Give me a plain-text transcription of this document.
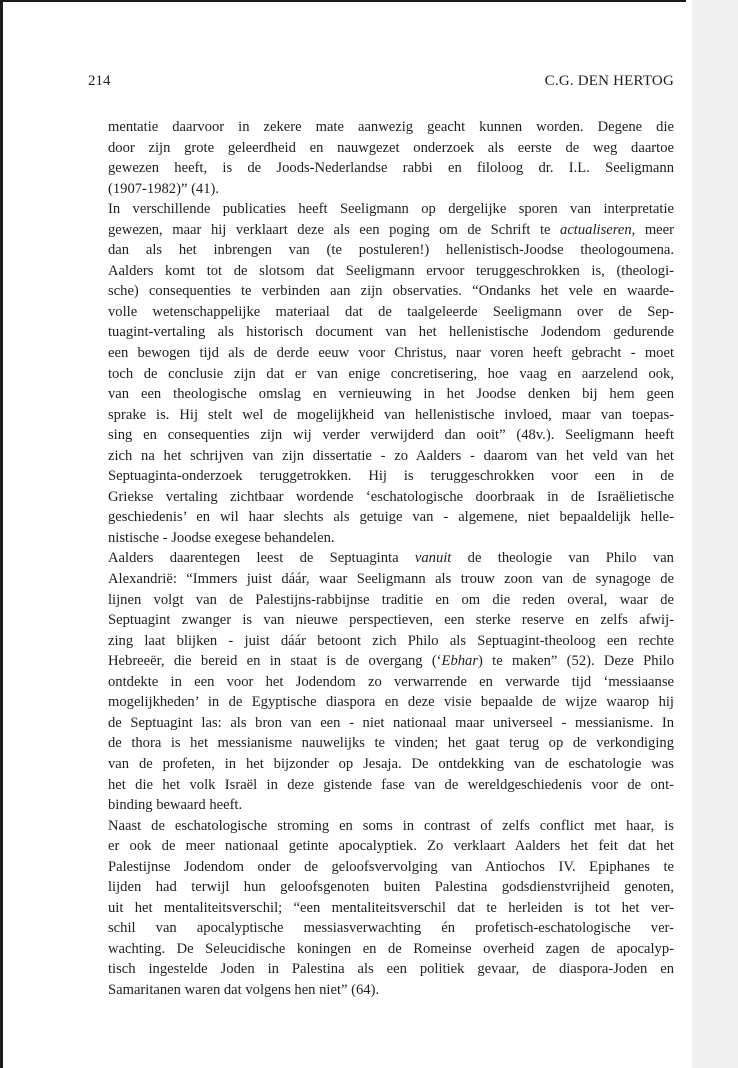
214	C.G. DEN HERTOG
mentatie daarvoor in zekere mate aanwezig geacht kunnen worden. Degene die
door zijn grote geleerdheid en nauwgezet onderzoek als eerste de weg daartoe
gewezen heeft, is de Joods-Nederlandse rabbi en filoloog dr. I.L. Seeligmann
(1907-1982)” (41).
In verschillende publicaties heeft Seeligmann op dergelijke sporen van interpretatie
gewezen, maar hij verklaart deze als een poging om de Schrift te actualiseren, meer
dan als het inbrengen van (te postuleren!) hellenistisch-Joodse theologoumena.
Aalders komt tot de slotsom dat Seeligmann ervoor teruggeschrokken is, (theologi-
sche) consequenties te verbinden aan zijn observaties. “Ondanks het vele en waarde-
volle wetenschappelijke materiaal dat de taalgeleerde Seeligmann over de Sep-
tuagint-vertaling als historisch document van het hellenistische Jodendom gedurende
een bewogen tijd als de derde eeuw voor Christus, naar voren heeft gebracht - moet
toch de conclusie zijn dat er van enige concretisering, hoe vaag en aarzelend ook,
van een theologische omslag en vernieuwing in het Joodse denken bij hem geen
sprake is. Hij stelt wel de mogelijkheid van hellenistische invloed, maar van toepas-
sing en consequenties zijn wij verder verwijderd dan ooit” (48v.). Seeligmann heeft
zich na het schrijven van zijn dissertatie - zo Aalders - daarom van het veld van het
Septuaginta-onderzoek teruggetrokken. Hij is teruggeschrokken voor een in de
Griekse vertaling zichtbaar wordende ‘eschatologische doorbraak in de Israëlietische
geschiedenis’ en wil haar slechts als getuige van - algemene, niet bepaaldelijk helle-
nistische - Joodse exegese behandelen.
Aalders daarentegen leest de Septuaginta vanuit de theologie van Philo van
Alexandrië: “Immers juist dáár, waar Seeligmann als trouw zoon van de synagoge de
lijnen volgt van de Palestijns-rabbijnse traditie en om die reden overal, waar de
Septuagint zwanger is van nieuwe perspectieven, een sterke reserve en zelfs afwij-
zing laat blijken - juist dáár betoont zich Philo als Septuagint-theoloog een rechte
Hebreeër, die bereid en in staat is de overgang (‘Ebhar) te maken” (52). Deze Philo
ontdekte in een voor het Jodendom zo verwarrende en verwarde tijd ‘messiaanse
mogelijkheden’ in de Egyptische diaspora en deze visie bepaalde de wijze waarop hij
de Septuagint las: als bron van een - niet nationaal maar universeel - messianisme. In
de thora is het messianisme nauwelijks te vinden; het gaat terug op de verkondiging
van de profeten, in het bijzonder op Jesaja. De ontdekking van de eschatologie was
het die het volk Israël in deze gistende fase van de wereldgeschiedenis voor de ont-
binding bewaard heeft.
Naast de eschatologische stroming en soms in contrast of zelfs conflict met haar, is
er ook de meer nationaal getinte apocalyptiek. Zo verklaart Aalders het feit dat het
Palestijnse Jodendom onder de geloofsvervolging van Antiochos IV. Epiphanes te
lijden had terwijl hun geloofsgenoten buiten Palestina godsdienstvrijheid genoten,
uit het mentaliteitsverschil; “een mentaliteitsverschil dat te herleiden is tot het ver-
schil van apocalyptische messiasverwachting én profetisch-eschatologische ver-
wachting. De Seleucidische koningen en de Romeinse overheid zagen de apocalyp-
tisch ingestelde Joden in Palestina als een politiek gevaar, de diaspora-Joden en
Samaritanen waren dat volgens hen niet” (64).
